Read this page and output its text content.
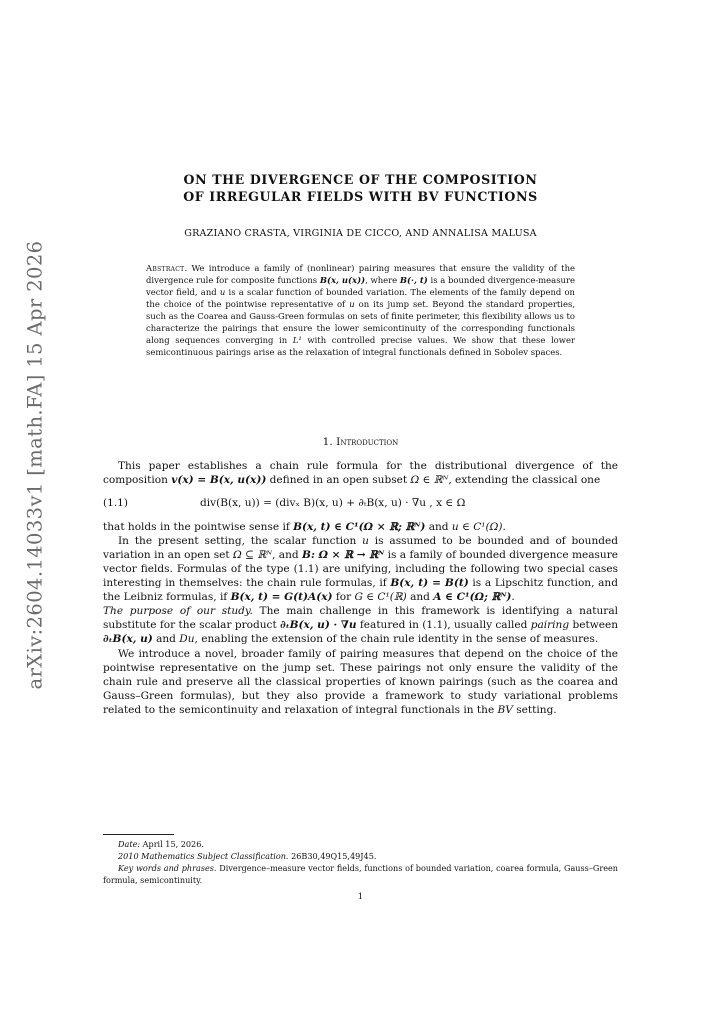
arXiv:2604.14033v1 [math.FA] 15 Apr 2026
ON THE DIVERGENCE OF THE COMPOSITION
OF IRREGULAR FIELDS WITH BV FUNCTIONS
GRAZIANO CRASTA, VIRGINIA DE CICCO, AND ANNALISA MALUSA
Abstract. We introduce a family of (nonlinear) pairing measures that ensure the validity of the divergence rule for composite functions B(x, u(x)), where B(·, t) is a bounded divergence-measure vector field, and u is a scalar function of bounded variation. The elements of the family depend on the choice of the pointwise representative of u on its jump set. Beyond the standard properties, such as the Coarea and Gauss-Green formulas on sets of finite perimeter, this flexibility allows us to characterize the pairings that ensure the lower semicontinuity of the corresponding functionals along sequences converging in L¹ with controlled precise values. We show that these lower semicontinuous pairings arise as the relaxation of integral functionals defined in Sobolev spaces.
1. Introduction

This paper establishes a chain rule formula for the distributional divergence of the composition v(x) = B(x, u(x)) defined in an open subset Ω ∈ ℝᴺ, extending the classical one

(1.1)	div(B(x, u)) = (divₓ B)(x, u) + ∂ₜB(x, u) · ∇u , x ∈ Ω

that holds in the pointwise sense if B(x, t) ∈ C¹(Ω × ℝ; ℝᴺ) and u ∈ C¹(Ω).

In the present setting, the scalar function u is assumed to be bounded and of bounded variation in an open set Ω ⊆ ℝᴺ, and B: Ω × ℝ → ℝᴺ is a family of bounded divergence measure vector fields. Formulas of the type (1.1) are unifying, including the following two special cases interesting in themselves: the chain rule formulas, if B(x, t) = B(t) is a Lipschitz function, and the Leibniz formulas, if B(x, t) = G(t)A(x) for G ∈ C¹(ℝ) and A ∈ C¹(Ω; ℝᴺ).

The purpose of our study. The main challenge in this framework is identifying a natural substitute for the scalar product ∂ₜB(x, u) · ∇u featured in (1.1), usually called pairing between ∂ₜB(x, u) and Du, enabling the extension of the chain rule identity in the sense of measures.

We introduce a novel, broader family of pairing measures that depend on the choice of the pointwise representative on the jump set. These pairings not only ensure the validity of the chain rule and preserve all the classical properties of known pairings (such as the coarea and Gauss–Green formulas), but they also provide a framework to study variational problems related to the semicontinuity and relaxation of integral functionals in the BV setting.

Date: April 15, 2026.

2010 Mathematics Subject Classification. 26B30,49Q15,49J45.

Key words and phrases. Divergence–measure vector fields, functions of bounded variation, coarea formula, Gauss–Green formula, semicontinuity.

1
